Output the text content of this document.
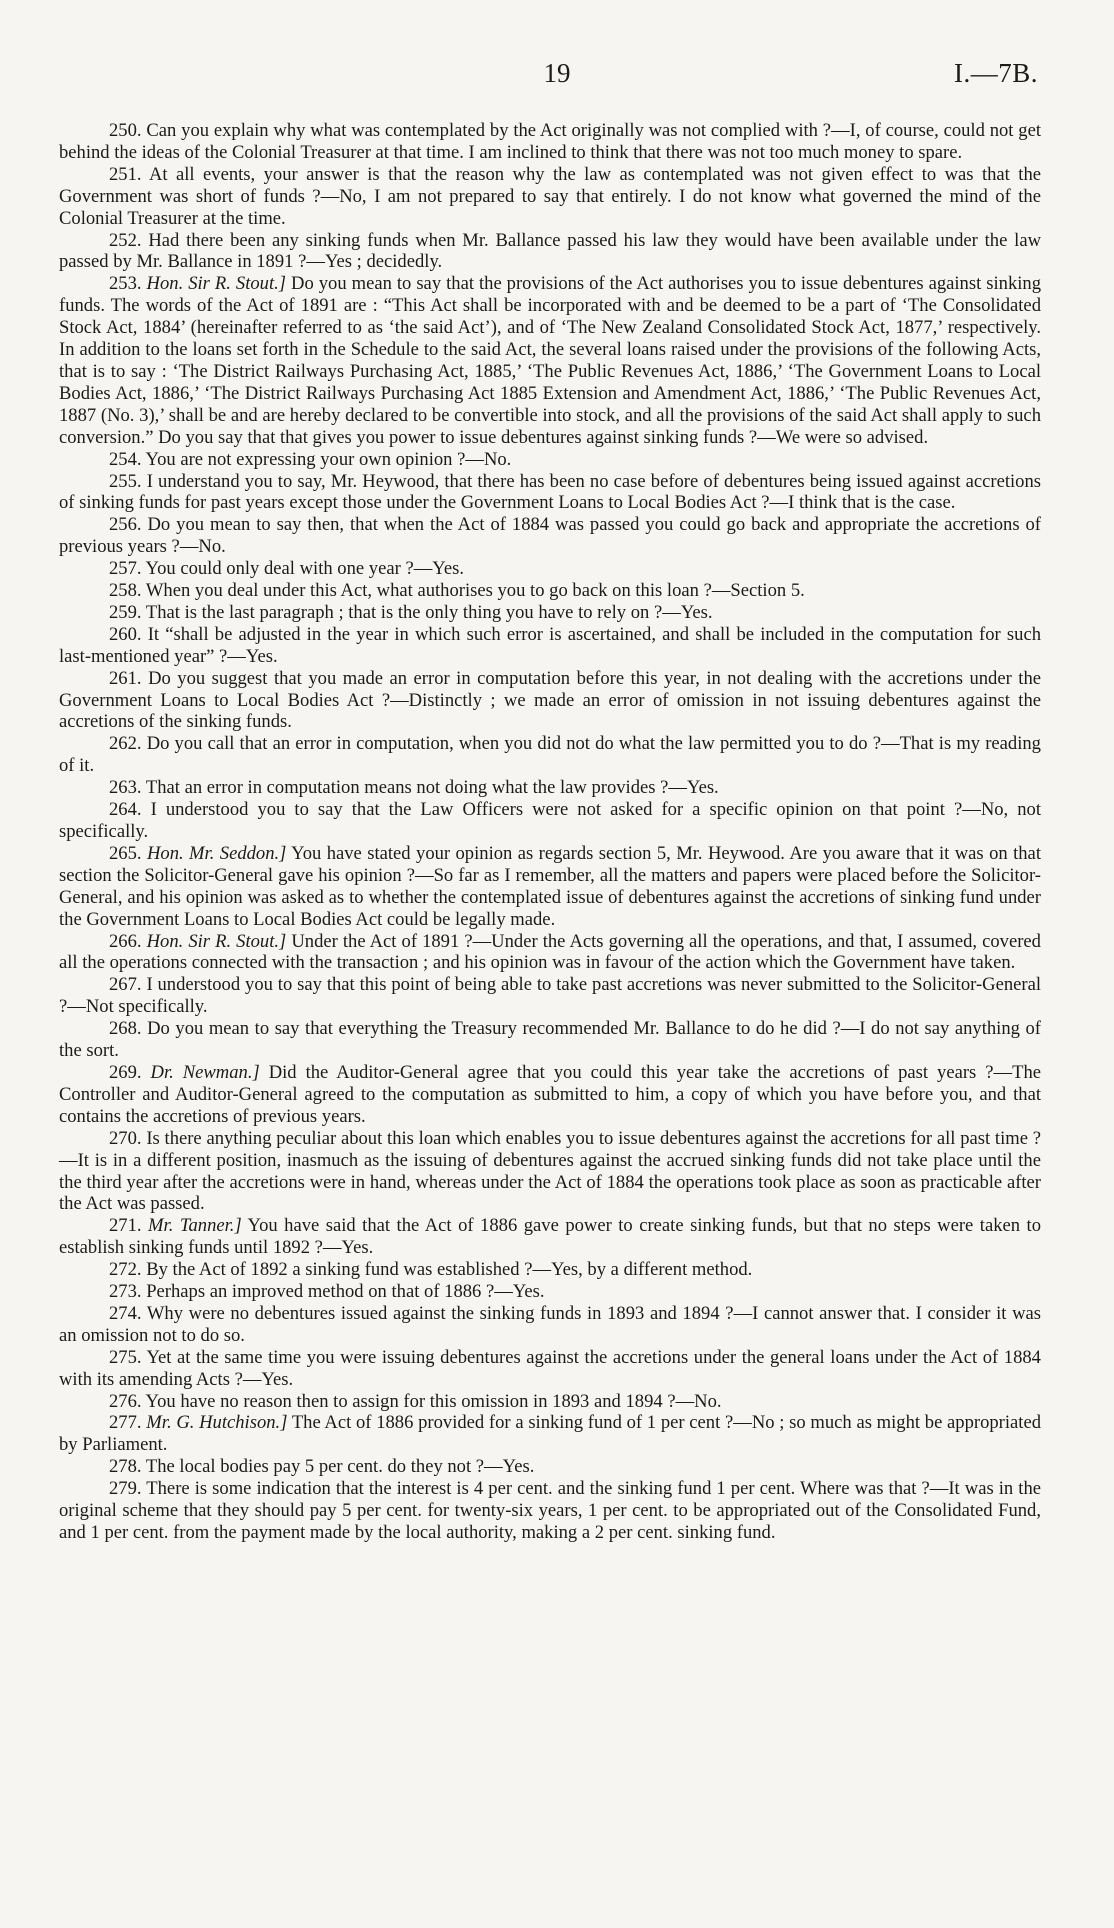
19	I.—7B.

250. Can you explain why what was contemplated by the Act originally was not complied with ?—I, of course, could not get behind the ideas of the Colonial Treasurer at that time. I am inclined to think that there was not too much money to spare.

251. At all events, your answer is that the reason why the law as contemplated was not given effect to was that the Government was short of funds ?—No, I am not prepared to say that entirely. I do not know what governed the mind of the Colonial Treasurer at the time.

252. Had there been any sinking funds when Mr. Ballance passed his law they would have been available under the law passed by Mr. Ballance in 1891 ?—Yes ; decidedly.

253. Hon. Sir R. Stout.] Do you mean to say that the provisions of the Act authorises you to issue debentures against sinking funds. The words of the Act of 1891 are : “This Act shall be incorporated with and be deemed to be a part of ‘The Consolidated Stock Act, 1884’ (hereinafter referred to as ‘the said Act’), and of ‘The New Zealand Consolidated Stock Act, 1877,’ respectively. In addition to the loans set forth in the Schedule to the said Act, the several loans raised under the provisions of the following Acts, that is to say : ‘The District Railways Purchasing Act, 1885,’ ‘The Public Revenues Act, 1886,’ ‘The Government Loans to Local Bodies Act, 1886,’ ‘The District Railways Purchasing Act 1885 Extension and Amendment Act, 1886,’ ‘The Public Revenues Act, 1887 (No. 3),’ shall be and are hereby declared to be convertible into stock, and all the provisions of the said Act shall apply to such conversion.” Do you say that that gives you power to issue debentures against sinking funds ?—We were so advised.

254. You are not expressing your own opinion ?—No.

255. I understand you to say, Mr. Heywood, that there has been no case before of debentures being issued against accretions of sinking funds for past years except those under the Government Loans to Local Bodies Act ?—I think that is the case.

256. Do you mean to say then, that when the Act of 1884 was passed you could go back and appropriate the accretions of previous years ?—No.

257. You could only deal with one year ?—Yes.

258. When you deal under this Act, what authorises you to go back on this loan ?—Section 5.

259. That is the last paragraph ; that is the only thing you have to rely on ?—Yes.

260. It “shall be adjusted in the year in which such error is ascertained, and shall be included in the computation for such last-mentioned year” ?—Yes.

261. Do you suggest that you made an error in computation before this year, in not dealing with the accretions under the Government Loans to Local Bodies Act ?—Distinctly ; we made an error of omission in not issuing debentures against the accretions of the sinking funds.

262. Do you call that an error in computation, when you did not do what the law permitted you to do ?—That is my reading of it.

263. That an error in computation means not doing what the law provides ?—Yes.

264. I understood you to say that the Law Officers were not asked for a specific opinion on that point ?—No, not specifically.

265. Hon. Mr. Seddon.] You have stated your opinion as regards section 5, Mr. Heywood. Are you aware that it was on that section the Solicitor-General gave his opinion ?—So far as I remember, all the matters and papers were placed before the Solicitor-General, and his opinion was asked as to whether the contemplated issue of debentures against the accretions of sinking fund under the Government Loans to Local Bodies Act could be legally made.

266. Hon. Sir R. Stout.] Under the Act of 1891 ?—Under the Acts governing all the operations, and that, I assumed, covered all the operations connected with the transaction ; and his opinion was in favour of the action which the Government have taken.

267. I understood you to say that this point of being able to take past accretions was never submitted to the Solicitor-General ?—Not specifically.

268. Do you mean to say that everything the Treasury recommended Mr. Ballance to do he did ?—I do not say anything of the sort.

269. Dr. Newman.] Did the Auditor-General agree that you could this year take the accretions of past years ?—The Controller and Auditor-General agreed to the computation as submitted to him, a copy of which you have before you, and that contains the accretions of previous years.

270. Is there anything peculiar about this loan which enables you to issue debentures against the accretions for all past time ?—It is in a different position, inasmuch as the issuing of debentures against the accrued sinking funds did not take place until the the third year after the accretions were in hand, whereas under the Act of 1884 the operations took place as soon as practicable after the Act was passed.

271. Mr. Tanner.] You have said that the Act of 1886 gave power to create sinking funds, but that no steps were taken to establish sinking funds until 1892 ?—Yes.

272. By the Act of 1892 a sinking fund was established ?—Yes, by a different method.

273. Perhaps an improved method on that of 1886 ?—Yes.

274. Why were no debentures issued against the sinking funds in 1893 and 1894 ?—I cannot answer that. I consider it was an omission not to do so.

275. Yet at the same time you were issuing debentures against the accretions under the general loans under the Act of 1884 with its amending Acts ?—Yes.

276. You have no reason then to assign for this omission in 1893 and 1894 ?—No.

277. Mr. G. Hutchison.] The Act of 1886 provided for a sinking fund of 1 per cent ?—No ; so much as might be appropriated by Parliament.

278. The local bodies pay 5 per cent. do they not ?—Yes.

279. There is some indication that the interest is 4 per cent. and the sinking fund 1 per cent. Where was that ?—It was in the original scheme that they should pay 5 per cent. for twenty-six years, 1 per cent. to be appropriated out of the Consolidated Fund, and 1 per cent. from the payment made by the local authority, making a 2 per cent. sinking fund.
